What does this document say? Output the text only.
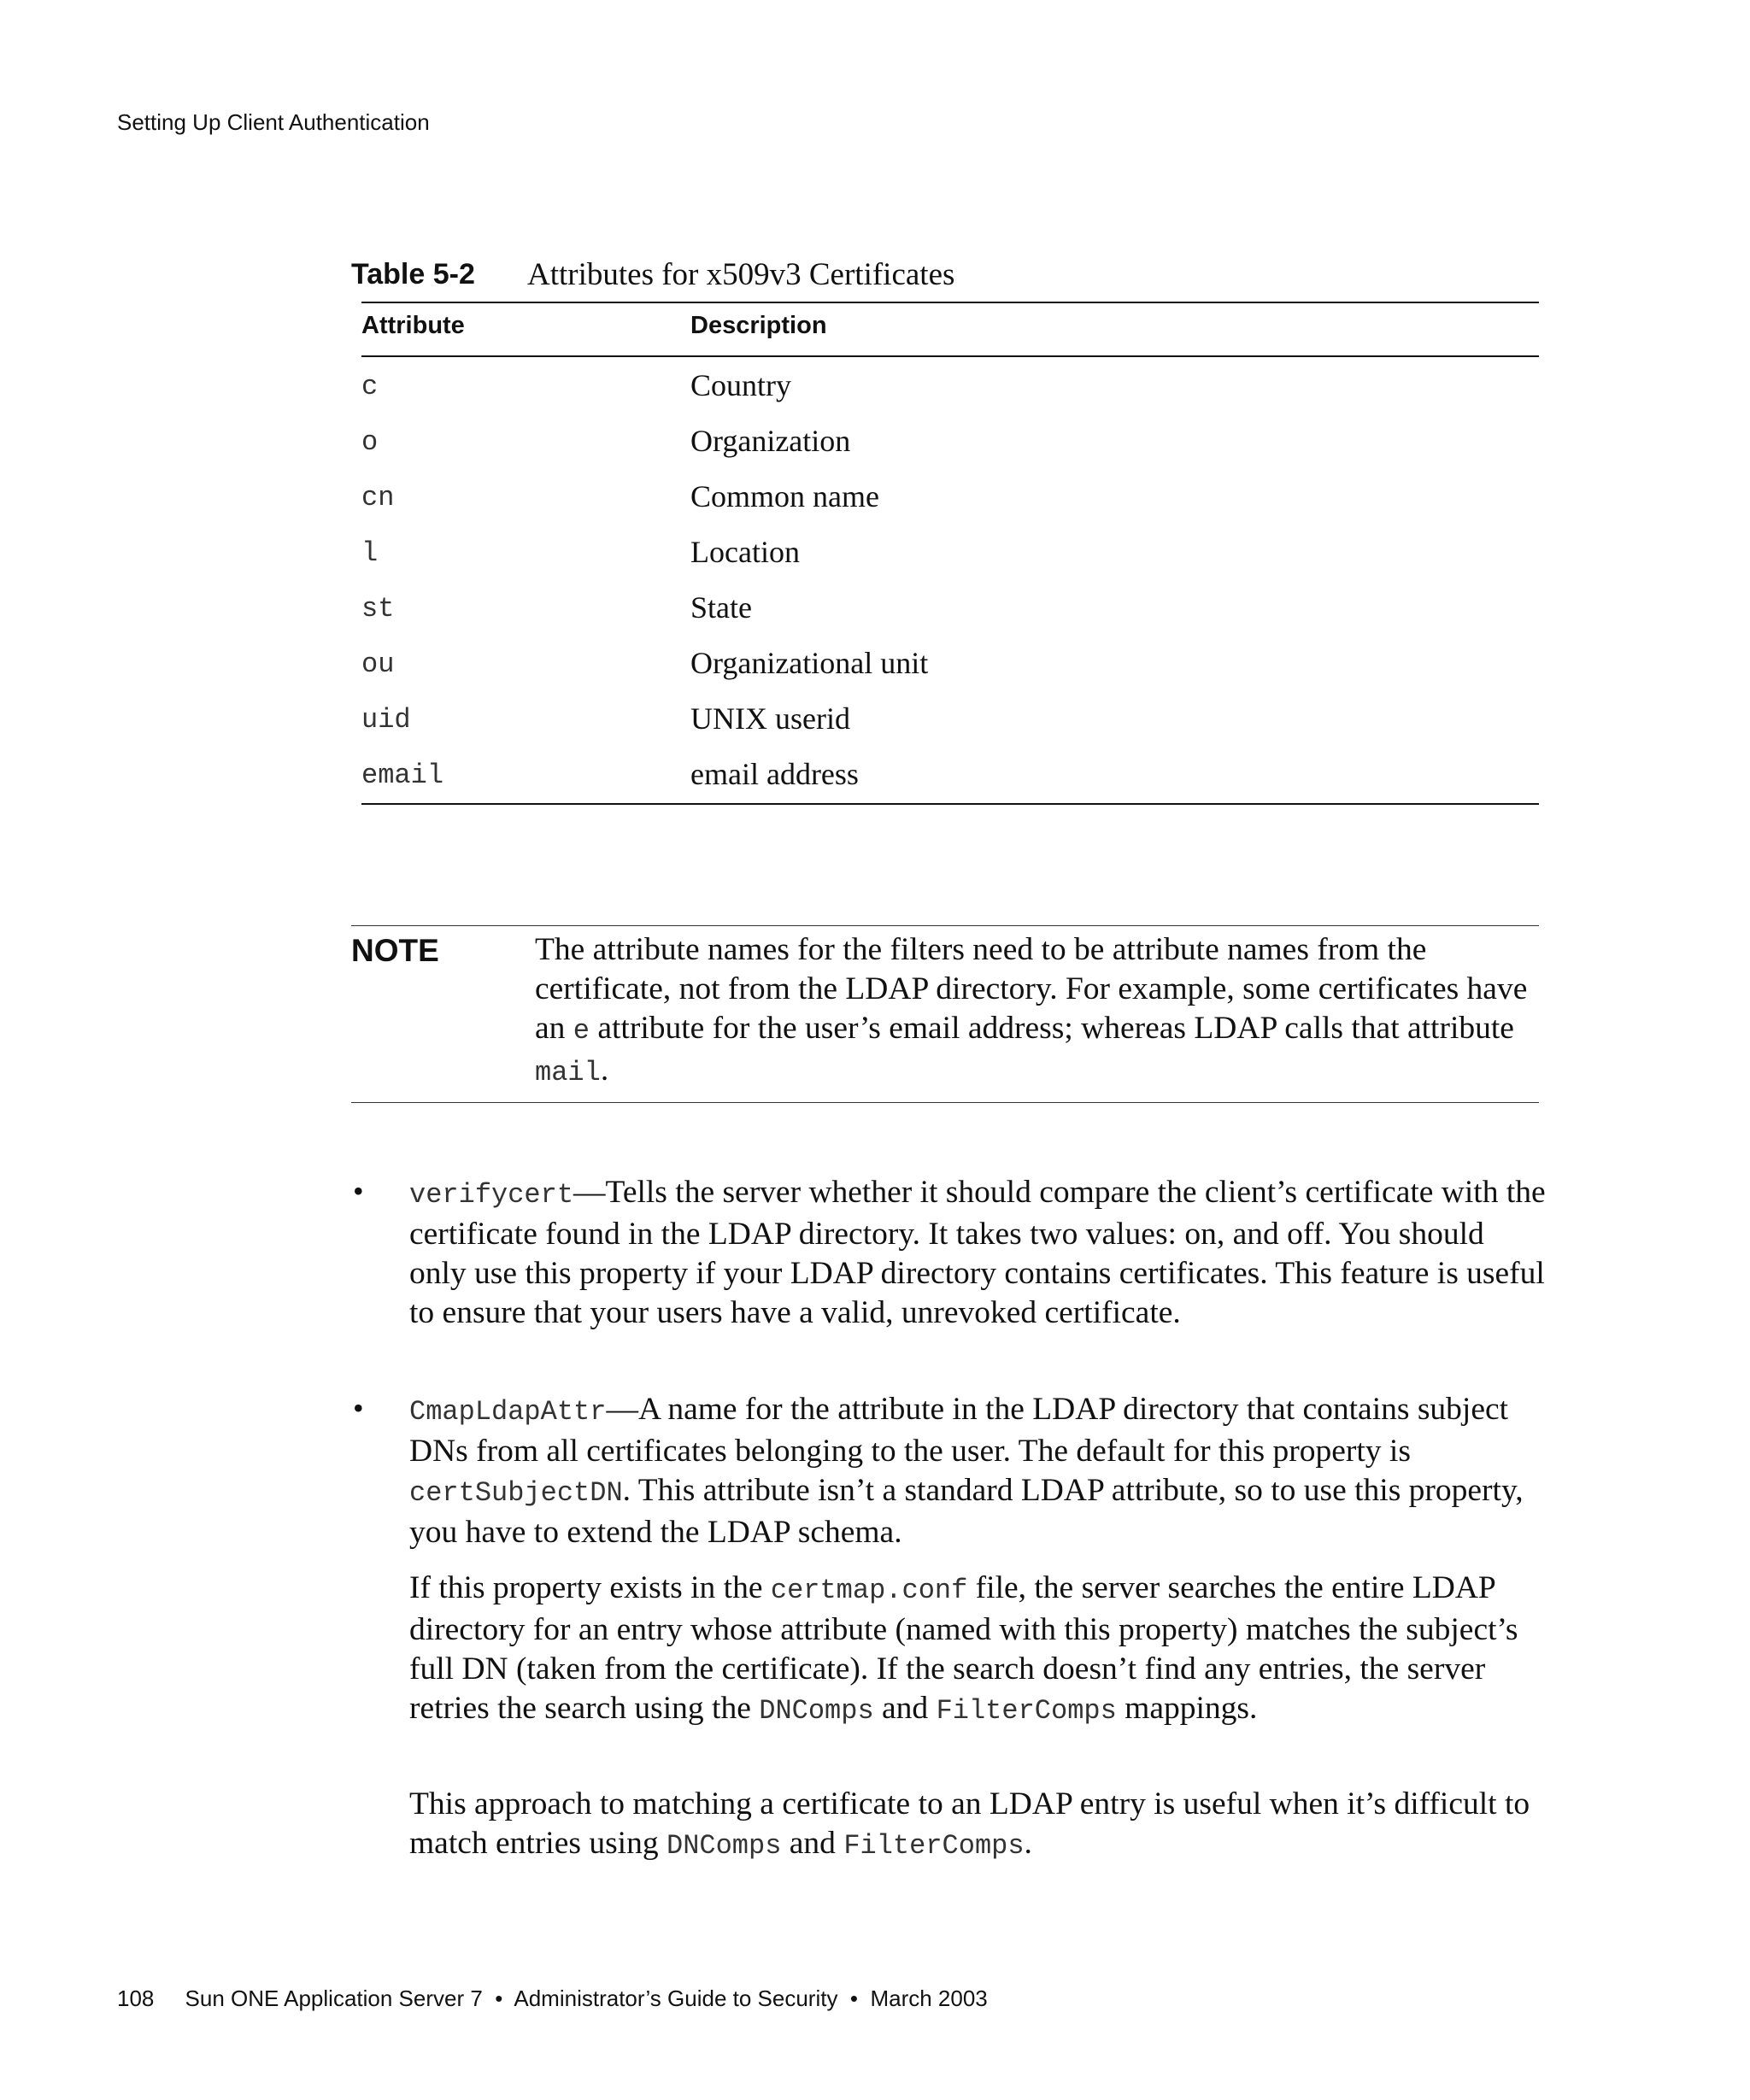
Setting Up Client Authentication
Table 5-2 Attributes for x509v3 Certificates
Attribute	Description
c	Country
o	Organization
cn	Common name
l	Location
st	State
ou	Organizational unit
uid	UNIX userid
email	email address
NOTE	The attribute names for the filters need to be attribute names from the certificate, not from the LDAP directory. For example, some certificates have an e attribute for the user’s email address; whereas LDAP calls that attribute mail.
• verifycert—Tells the server whether it should compare the client’s certificate with the certificate found in the LDAP directory. It takes two values: on, and off. You should only use this property if your LDAP directory contains certificates. This feature is useful to ensure that your users have a valid, unrevoked certificate.
• CmapLdapAttr—A name for the attribute in the LDAP directory that contains subject DNs from all certificates belonging to the user. The default for this property is certSubjectDN. This attribute isn’t a standard LDAP attribute, so to use this property, you have to extend the LDAP schema.
If this property exists in the certmap.conf file, the server searches the entire LDAP directory for an entry whose attribute (named with this property) matches the subject’s full DN (taken from the certificate). If the search doesn’t find any entries, the server retries the search using the DNComps and FilterComps mappings.
This approach to matching a certificate to an LDAP entry is useful when it’s difficult to match entries using DNComps and FilterComps.
108 Sun ONE Application Server 7  •  Administrator’s Guide to Security  •  March 2003
